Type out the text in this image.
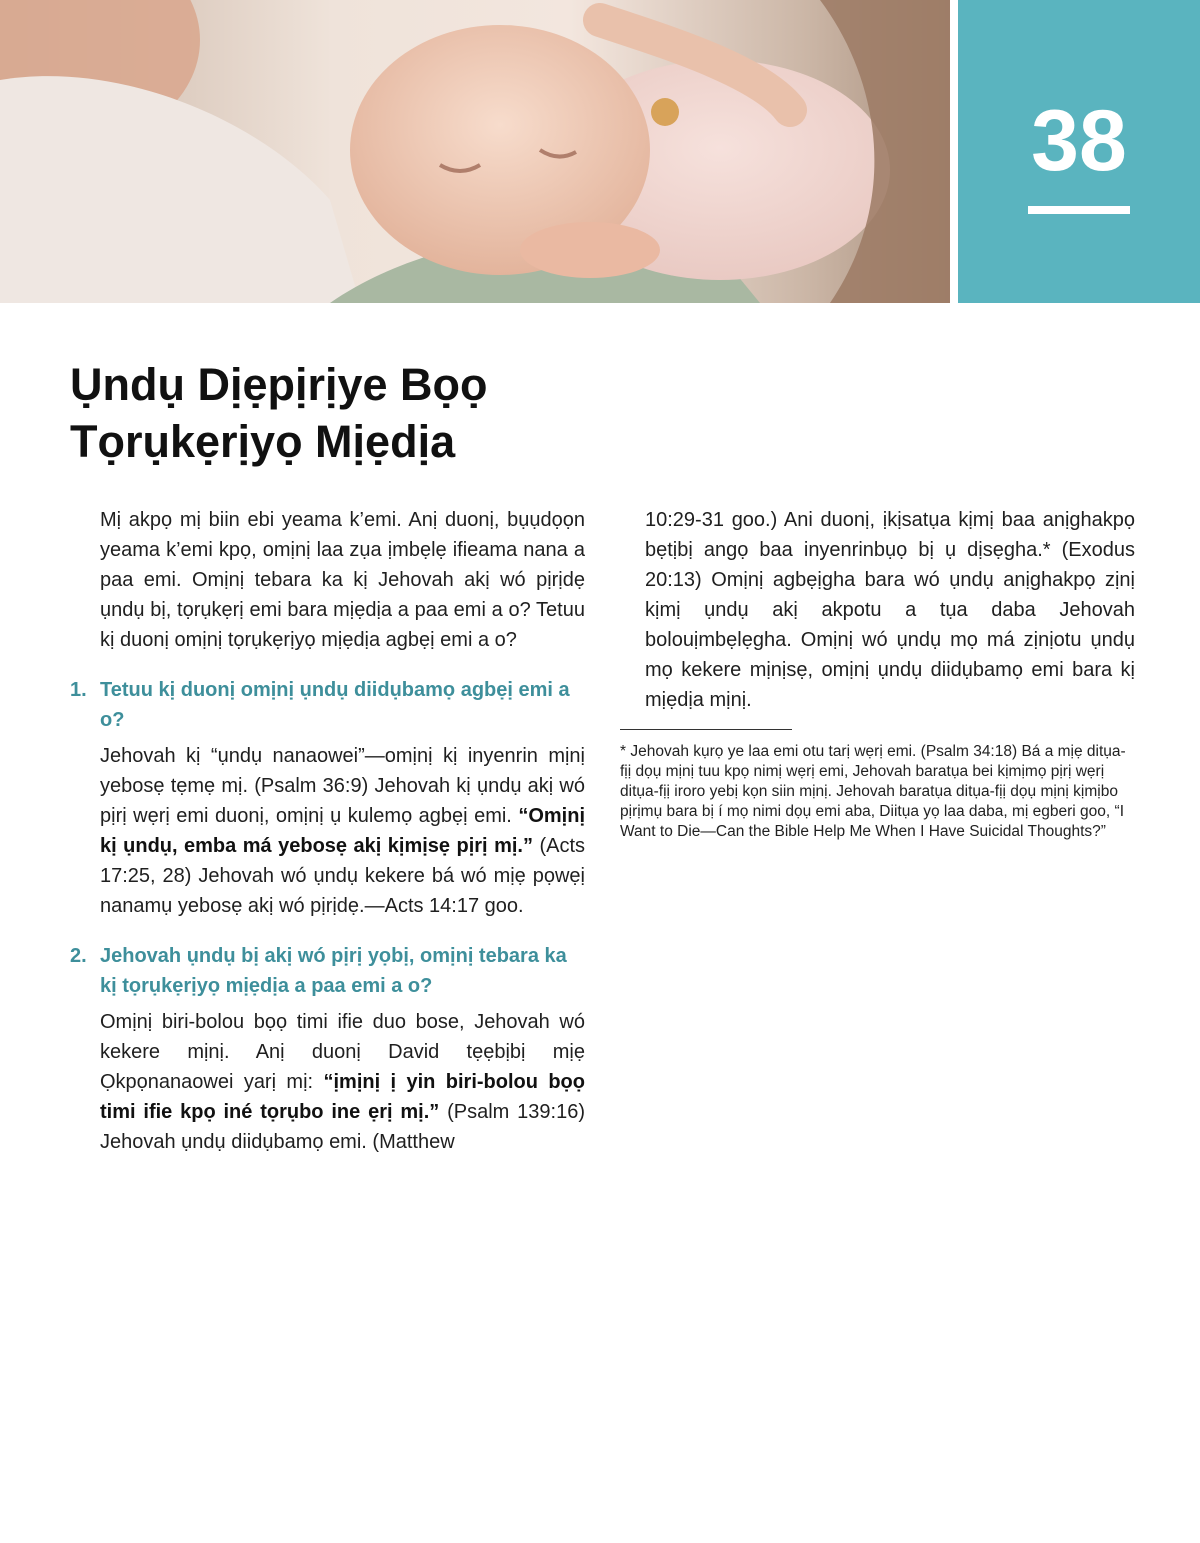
38
Ụndụ Dịẹpịrịye Bọọ
Tọrụkẹrịyọ Mịẹdịa

Mị akpọ mị biin ebi yeama k’emi. Anị duonị, bụụdọọn yeama k’emi kpọ, omịnị laa zụa ịmbẹlẹ ifieama nana a paa emi. Omịnị tebara ka kị Jehovah akị wó pịrịdẹ ụndụ bị, tọrụkẹrị emi bara mịẹdịa a paa emi a o? Tetuu kị duonị omịnị tọrụkẹrịyọ mịẹdịa agbẹị emi a o?

1. Tetuu kị duonị omịnị ụndụ diidụbamọ agbẹị emi a o?

Jehovah kị “ụndụ nanaowei”—omịnị kị inyenrin mịnị yebosẹ tẹmẹ mị. (Psalm 36:9) Jehovah kị ụndụ akị wó pịrị wẹrị emi duonị, omịnị ụ kulemọ agbẹị emi. “Omịnị kị ụndụ, emba má yebosẹ akị kịmịsẹ pịrị mị.” (Acts 17:25, 28) Jehovah wó ụndụ kekere bá wó mịẹ pọwẹị nanamụ yebosẹ akị wó pịrịdẹ.—Acts 14:17 goo.

2. Jehovah ụndụ bị akị wó pịrị yọbị, omịnị tebara ka kị tọrụkẹrịyọ mịẹdịa a paa emi a o?

Omịnị biri-bolou bọọ timi ifie duo bose, Jehovah wó kekere mịnị. Anị duonị David tẹẹbịbị mịẹ Ọkpọnanaowei yarị mị: “ịmịnị ị yin biri-bolou bọọ timi ifie kpọ iné tọrụbo ine ẹrị mị.” (Psalm 139:16) Jehovah ụndụ diidụbamọ emi. (Matthew

10:29-31 goo.) Ani duonị, ịkịsatụa kịmị baa anịghakpọ bẹtịbị angọ baa inyenrinbụọ bị ụ dịsẹgha.* (Exodus 20:13) Omịnị agbẹịgha bara wó ụndụ anịghakpọ zịnị kịmị ụndụ akị akpotu a tụa daba Jehovah bolouịmbẹlẹgha. Omịnị wó ụndụ mọ má zịnịotu ụndụ mọ kekere mịnịsẹ, omịnị ụndụ diidụbamọ emi bara kị mịẹdịa mịnị.

* Jehovah kụrọ ye laa emi otu tarị wẹrị emi. (Psalm 34:18) Bá a mịẹ ditụa-fịị dọụ mịnị tuu kpọ nimị wẹrị emi, Jehovah baratụa bei kịmịmọ pịrị wẹrị ditụa-fịị iroro yebị kọn siin mịnị. Jehovah baratụa ditụa-fịị dọụ mịnị kịmịbo pịrịmụ bara bị í mọ nimi dọụ emi aba, Diitụa yọ laa daba, mị egberi goo, “I Want to Die—Can the Bible Help Me When I Have Suicidal Thoughts?”
